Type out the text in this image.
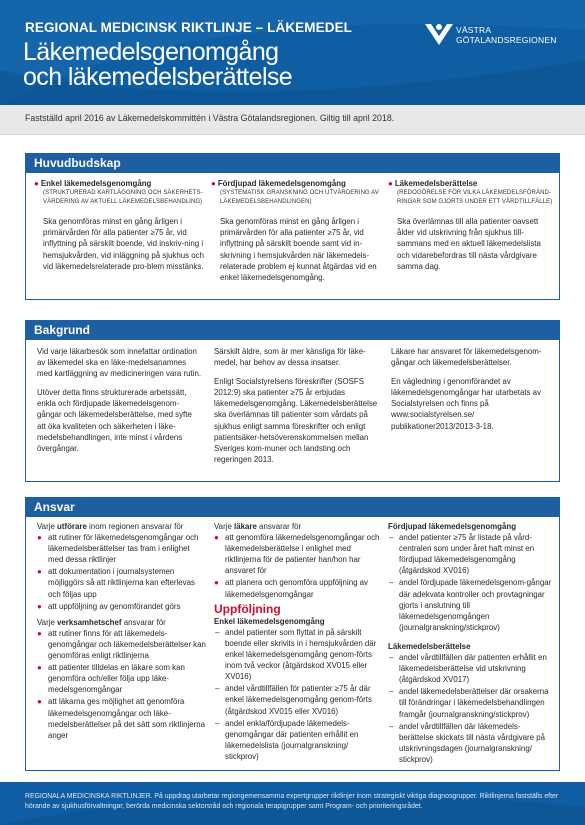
REGIONAL MEDICINSK RIKTLINJE – LÄKEMEDEL
Läkemedelsgenomgång
och läkemedelsberättelse
VÄSTRA
GÖTALANDSREGIONEN
Fastställd april 2016 av Läkemedelskommittén i Västra Götalandsregionen. Giltig till april 2018.
Huvudbudskap
● Enkel läkemedelsgenomgång
(STRUKTURERAD KARTLÄGGNING OCH SÄKERHETS-VÄRDERING AV AKTUELL LÄKEMEDELSBEHANDLING)
Ska genomföras minst en gång årligen i primärvården för alla patienter ≥75 år, vid inflyttning på särskilt boende, vid inskriv-ning i hemsjukvården, vid inläggning på sjukhus och vid läkemedelsrelaterade pro-blem misstänks.
● Fördjupad läkemedelsgenomgång
(SYSTEMATISK GRANSKNING OCH UTVÄRDERING AV LÄKEMEDELSBEHANDLINGEN)
Ska genomföras minst en gång årligen i primärvården för alla patienter ≥75 år, vid inflyttning på särskilt boende samt vid in-skrivning i hemsjukvården när läkemedels-relaterade problem ej kunnat åtgärdas vid en enkel läkemedelsgenomgång.
● Läkemedelsberättelse
(REDOGÖRELSE FÖR VILKA LÄKEMEDELSFÖRÄND-RINGAR SOM GJORTS UNDER ETT VÅRDTILLFÄLLE)
Ska överlämnas till alla patienter oavsett ålder vid utskrivning från sjukhus till-sammans med en aktuell läkemedelslista och vidarebefordras till nästa vårdgivare samma dag.
Bakgrund

Vid varje läkarbesök som innefattar ordination av läkemedel ska en läke-medelsanamnes med kartläggning av medicineringen vara rutin.

Utöver detta finns strukturerade arbetssätt, enkla och fördjupade läkemedelsgenom-gångar och läkemedelsberättelse, med syfte att öka kvaliteten och säkerheten i läke-medelsbehandlingen, inte minst i vårdens övergångar.

Särskilt äldre, som är mer känsliga för läke-medel, har behov av dessa insatser.

Enligt Socialstyrelsens föreskrifter (SOSFS 2012:9) ska patienter ≥75 år erbjudas läkemedelsgenomgång. Läkemedelsberättelse ska överlämnas till patienter som vårdats på sjukhus enligt samma föreskrifter och enligt patientsäker-hetsöverenskommelsen mellan Sveriges kom-muner och landsting och regeringen 2013.

Läkare har ansvaret för läkemedelsgenom-gångar och läkemedelsberättelser.

En vägledning i genomförandet av läkemedelsgenomgångar har utarbetats av Socialstyrelsen och finns på www.socialstyrelsen.se/ publikationer2013/2013-3-18.

Ansvar
Varje utförare inom regionen ansvarar för
● att rutiner för läkemedelsgenomgångar och läkemedelsberättelser tas fram i enlighet med dessa riktlinjer
● att dokumentation i journalsystemen möjliggörs så att riktlinjerna kan efterlevas och följas upp
● att uppföljning av genomförandet görs
Varje verksamhetschef ansvarar för
● att rutiner finns för att läkemedels-genomgångar och läkemedelsberättelser kan genomföras enligt riktlinjerna
● att patienter tilldelas en läkare som kan genomföra och/eller följa upp läke-medelsgenomgångar
● att läkarna ges möjlighet att genomföra läkemedelsgenomgångar och läke-medelsberättelser på det sätt som riktlinjerna anger
Varje läkare ansvarar för
● att genomföra läkemedelsgenomgångar och läkemedelsberättelse i enlighet med riktlinjerna för de patienter han/hon har ansvaret för
● att planera och genomföra uppföljning av läkemedelsgenomgångar
Uppföljning
Enkel läkemedelsgenomgång
– andel patienter som flyttat in på särskilt boende eller skrivits in i hemsjukvården där enkel läkemedelsgenomgång genom-förts inom två veckor (åtgärdskod XV015 eller XV016)
– andel vårdtillfällen för patienter ≥75 år där enkel läkemedelsgenomgång genom-förts (åtgärdskod XV015 eller XV016)
– andel enkla/fördjupade läkemedels-genomgångar där patienten erhållit en läkemedelslista (journalgranskning/ stickprov)
Fördjupad läkemedelsgenomgång
– andel patienter ≥75 år listade på vård-centralen som under året haft minst en fördjupad läkemedelsgenomgång (åtgärdskod XV016)
– andel fördjupade läkemedelsgenom-gångar där adekvata kontroller och provtagningar gjorts i anslutning till läkemedelsgenomgången (journalgranskning/stickprov)
Läkemedelsberättelse
– andel vårdtillfällen där patienten erhållit en läkemedelsberättelse vid utskrivning (åtgärdskod XV017)
– andel läkemedelsberättelser där orsakerna till förändringar i läkemedelsbehandlingen framgår (journalgranskning/stickprov)
– andel vårdtillfällen där läkemedels-berättelse skickats till nästa vårdgivare på utskrivningsdagen (journalgranskning/ stickprov)
REGIONALA MEDICINSKA RIKTLINJER. På uppdrag utarbetar regiongemensamma expertgrupper riktlinjer inom strategiskt viktiga diagnosgrupper. Riktlinjerna fastställs efter hörande av sjukhusförvaltningar, berörda medicinska sektorsråd och regionala terapigrupper samt Program- och prioriteringsrådet.
